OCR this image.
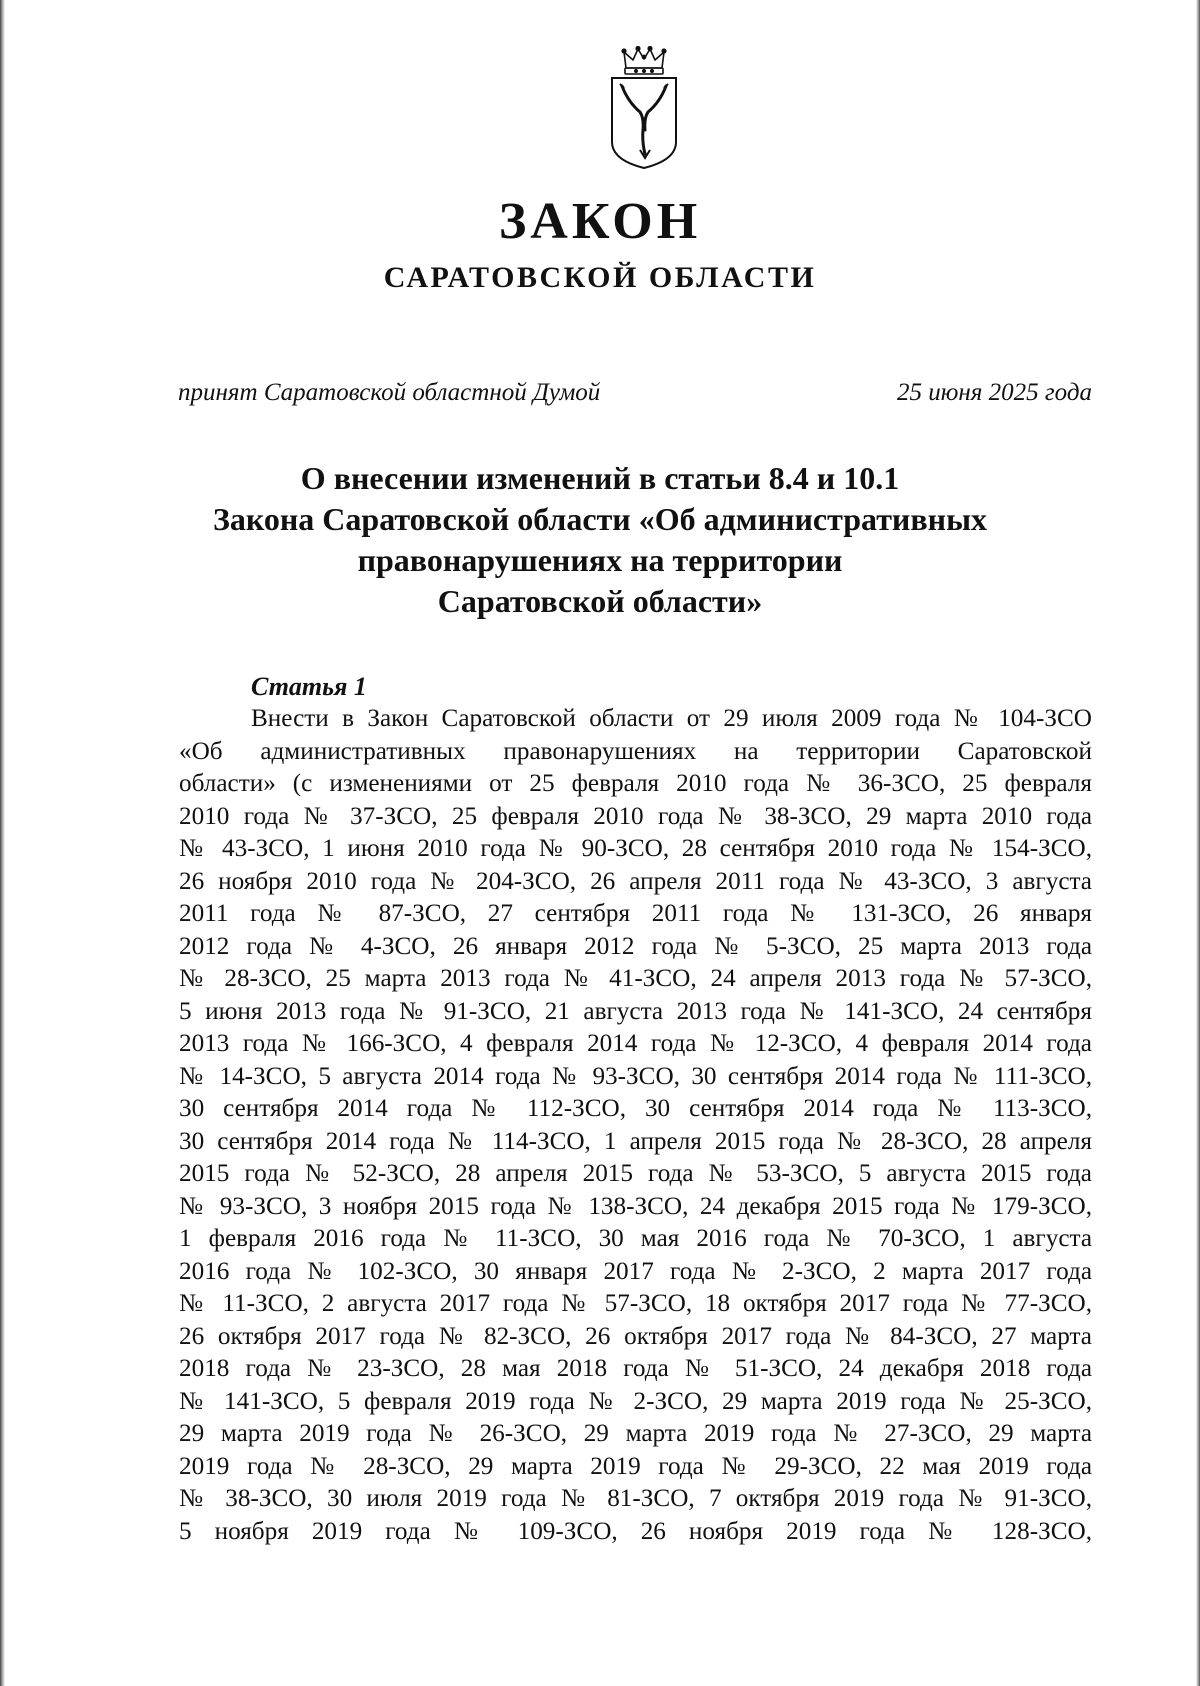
ЗАКОН
САРАТОВСКОЙ ОБЛАСТИ
принят Саратовской областной Думой	25 июня 2025 года
О внесении изменений в статьи 8.4 и 10.1
Закона Саратовской области «Об административных
правонарушениях на территории
Саратовской области»
Статья 1
Внести в Закон Саратовской области от 29 июля 2009 года № 104-ЗСО
«Об административных правонарушениях на территории Саратовской
области» (с изменениями от 25 февраля 2010 года № 36-ЗСО, 25 февраля
2010 года № 37-ЗСО, 25 февраля 2010 года № 38-ЗСО, 29 марта 2010 года
№ 43-ЗСО, 1 июня 2010 года № 90-ЗСО, 28 сентября 2010 года № 154-ЗСО,
26 ноября 2010 года № 204-ЗСО, 26 апреля 2011 года № 43-ЗСО, 3 августа
2011 года № 87-ЗСО, 27 сентября 2011 года № 131-ЗСО, 26 января
2012 года № 4-ЗСО, 26 января 2012 года № 5-ЗСО, 25 марта 2013 года
№ 28-ЗСО, 25 марта 2013 года № 41-ЗСО, 24 апреля 2013 года № 57-ЗСО,
5 июня 2013 года № 91-ЗСО, 21 августа 2013 года № 141-ЗСО, 24 сентября
2013 года № 166-ЗСО, 4 февраля 2014 года № 12-ЗСО, 4 февраля 2014 года
№ 14-ЗСО, 5 августа 2014 года № 93-ЗСО, 30 сентября 2014 года № 111-ЗСО,
30 сентября 2014 года № 112-ЗСО, 30 сентября 2014 года № 113-ЗСО,
30 сентября 2014 года № 114-ЗСО, 1 апреля 2015 года № 28-ЗСО, 28 апреля
2015 года № 52-ЗСО, 28 апреля 2015 года № 53-ЗСО, 5 августа 2015 года
№ 93-ЗСО, 3 ноября 2015 года № 138-ЗСО, 24 декабря 2015 года № 179-ЗСО,
1 февраля 2016 года № 11-ЗСО, 30 мая 2016 года № 70-ЗСО, 1 августа
2016 года № 102-ЗСО, 30 января 2017 года № 2-ЗСО, 2 марта 2017 года
№ 11-ЗСО, 2 августа 2017 года № 57-ЗСО, 18 октября 2017 года № 77-ЗСО,
26 октября 2017 года № 82-ЗСО, 26 октября 2017 года № 84-ЗСО, 27 марта
2018 года № 23-ЗСО, 28 мая 2018 года № 51-ЗСО, 24 декабря 2018 года
№ 141-ЗСО, 5 февраля 2019 года № 2-ЗСО, 29 марта 2019 года № 25-ЗСО,
29 марта 2019 года № 26-ЗСО, 29 марта 2019 года № 27-ЗСО, 29 марта
2019 года № 28-ЗСО, 29 марта 2019 года № 29-ЗСО, 22 мая 2019 года
№ 38-ЗСО, 30 июля 2019 года № 81-ЗСО, 7 октября 2019 года № 91-ЗСО,
5 ноября 2019 года № 109-ЗСО, 26 ноября 2019 года № 128-ЗСО,
